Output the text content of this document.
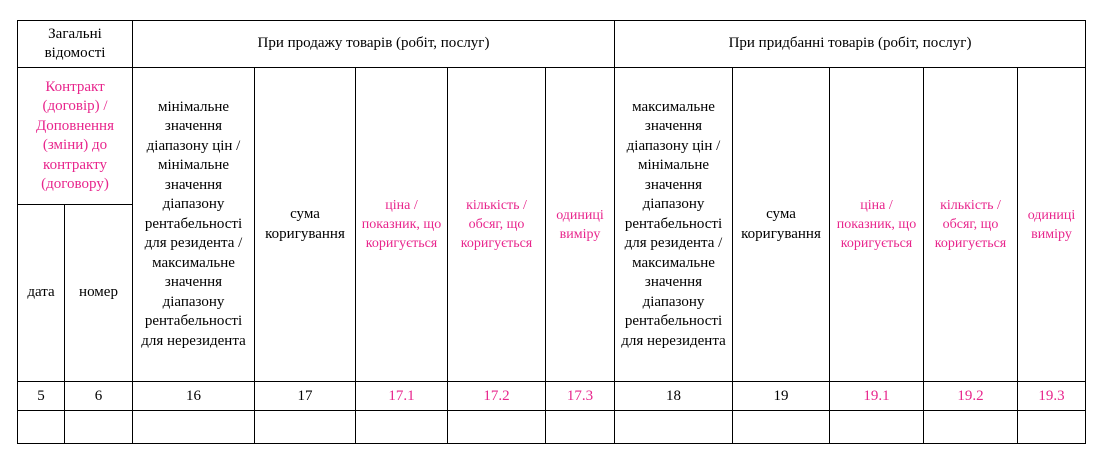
Загальні відомості		При продажу товарів (робіт, послуг)					При придбанні товарів (робіт, послуг)				
Контракт (договір) / Доповнення (зміни) до контракту (договору)		мінімальне значення діапазону цін / мінімальне значення діапазону рентабельності для резидента / максимальне значення діапазону рентабельності для нерезидента	сума коригування	ціна / показник, що коригується	кількість / обсяг, що коригується	одиниці виміру	максимальне значення діапазону цін / мінімальне значення діапазону рентабельності для резидента / максимальне значення діапазону рентабельності для нерезидента	сума коригування	ціна / показник, що коригується	кількість / обсяг, що коригується	одиниці виміру
дата	номер										
5	6	16	17	17.1	17.2	17.3	18	19	19.1	19.2	19.3
